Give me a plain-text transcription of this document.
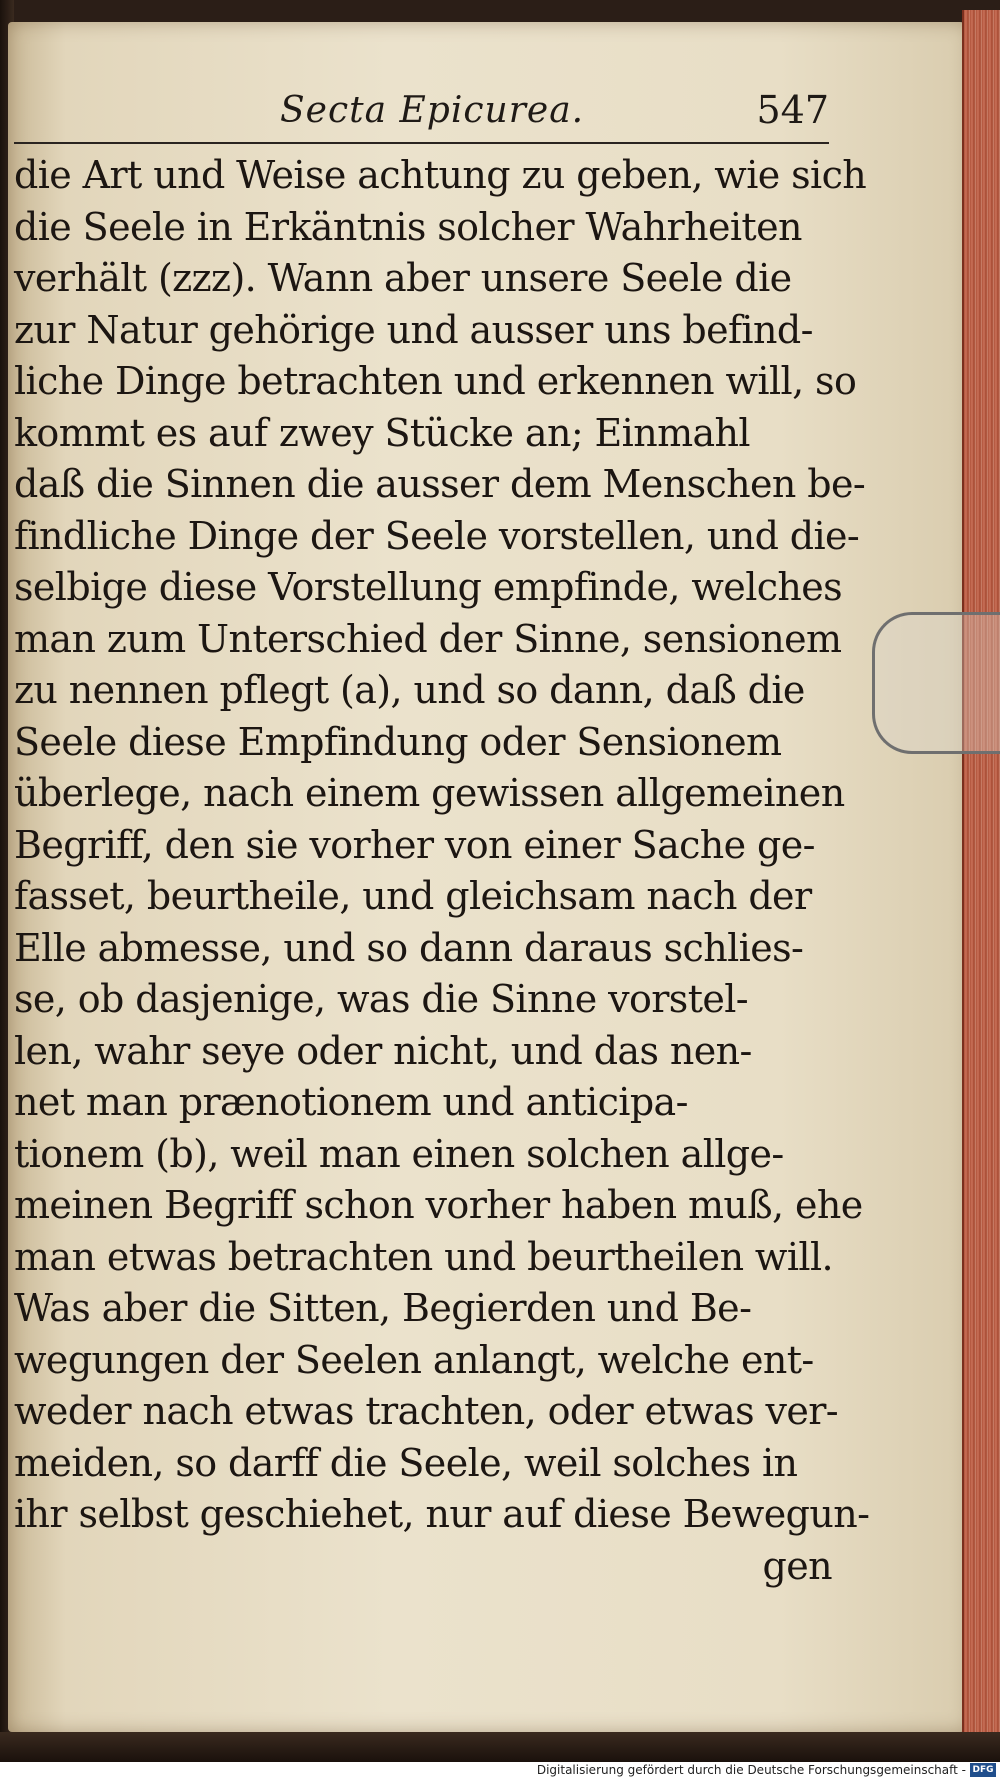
Secta Epicurea.	547
die Art und Weise achtung zu geben, wie sich
die Seele in Erkäntnis solcher Wahrheiten
verhält (zzz). Wann aber unsere Seele die
zur Natur gehörige und ausser uns befind-
liche Dinge betrachten und erkennen will, so
kommt es auf zwey Stücke an; Einmahl
daß die Sinnen die ausser dem Menschen be-
findliche Dinge der Seele vorstellen, und die-
selbige diese Vorstellung empfinde, welches
man zum Unterschied der Sinne, sensionem
zu nennen pflegt (a), und so dann, daß die
Seele diese Empfindung oder Sensionem
überlege, nach einem gewissen allgemeinen
Begriff, den sie vorher von einer Sache ge-
fasset, beurtheile, und gleichsam nach der
Elle abmesse, und so dann daraus schlies-
se, ob dasjenige, was die Sinne vorstel-
len, wahr seye oder nicht, und das nen-
net man prænotionem und anticipa-
tionem (b), weil man einen solchen allge-
meinen Begriff schon vorher haben muß, ehe
man etwas betrachten und beurtheilen will.
Was aber die Sitten, Begierden und Be-
wegungen der Seelen anlangt, welche ent-
weder nach etwas trachten, oder etwas ver-
meiden, so darff die Seele, weil solches in
ihr selbst geschiehet, nur auf diese Bewegun-
gen
Digitalisierung gefördert durch die Deutsche Forschungsgemeinschaft - DFG
